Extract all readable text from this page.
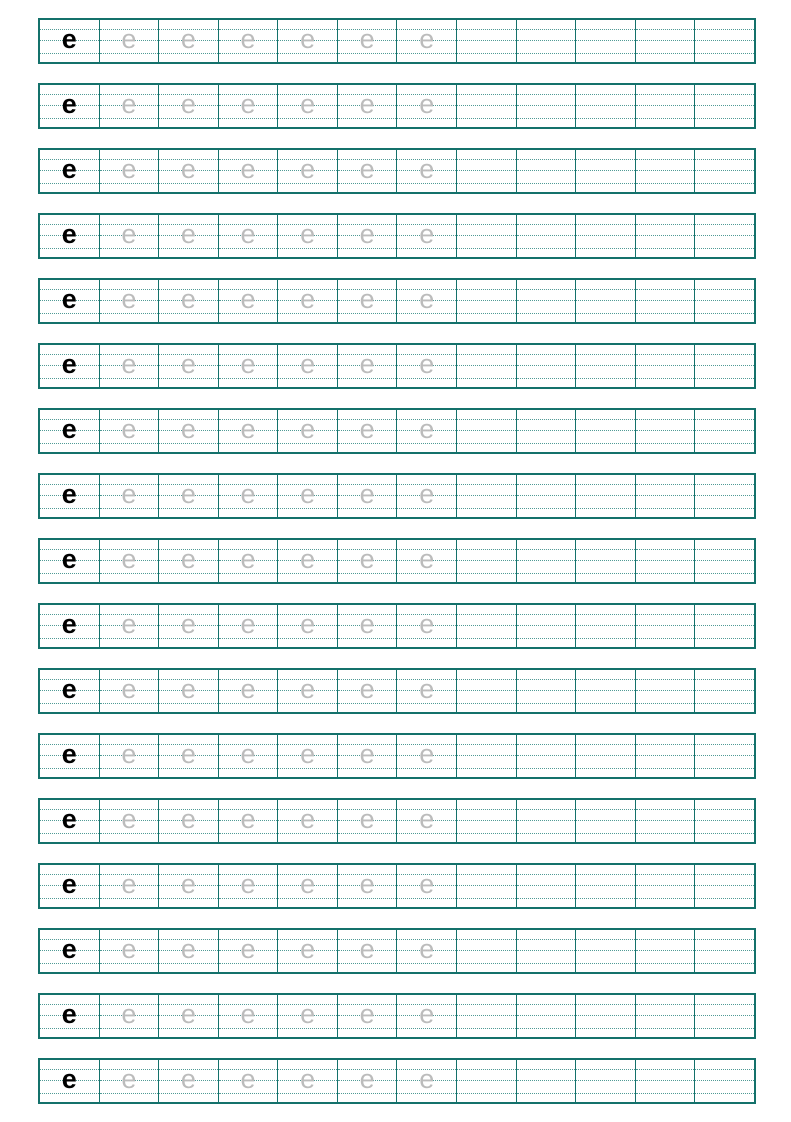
e	e	e	e	e	e	e
e	e	e	e	e	e	e
e	e	e	e	e	e	e
e	e	e	e	e	e	e
e	e	e	e	e	e	e
e	e	e	e	e	e	e
e	e	e	e	e	e	e
e	e	e	e	e	e	e
e	e	e	e	e	e	e
e	e	e	e	e	e	e
e	e	e	e	e	e	e
e	e	e	e	e	e	e
e	e	e	e	e	e	e
e	e	e	e	e	e	e
e	e	e	e	e	e	e
e	e	e	e	e	e	e
e	e	e	e	e	e	e
